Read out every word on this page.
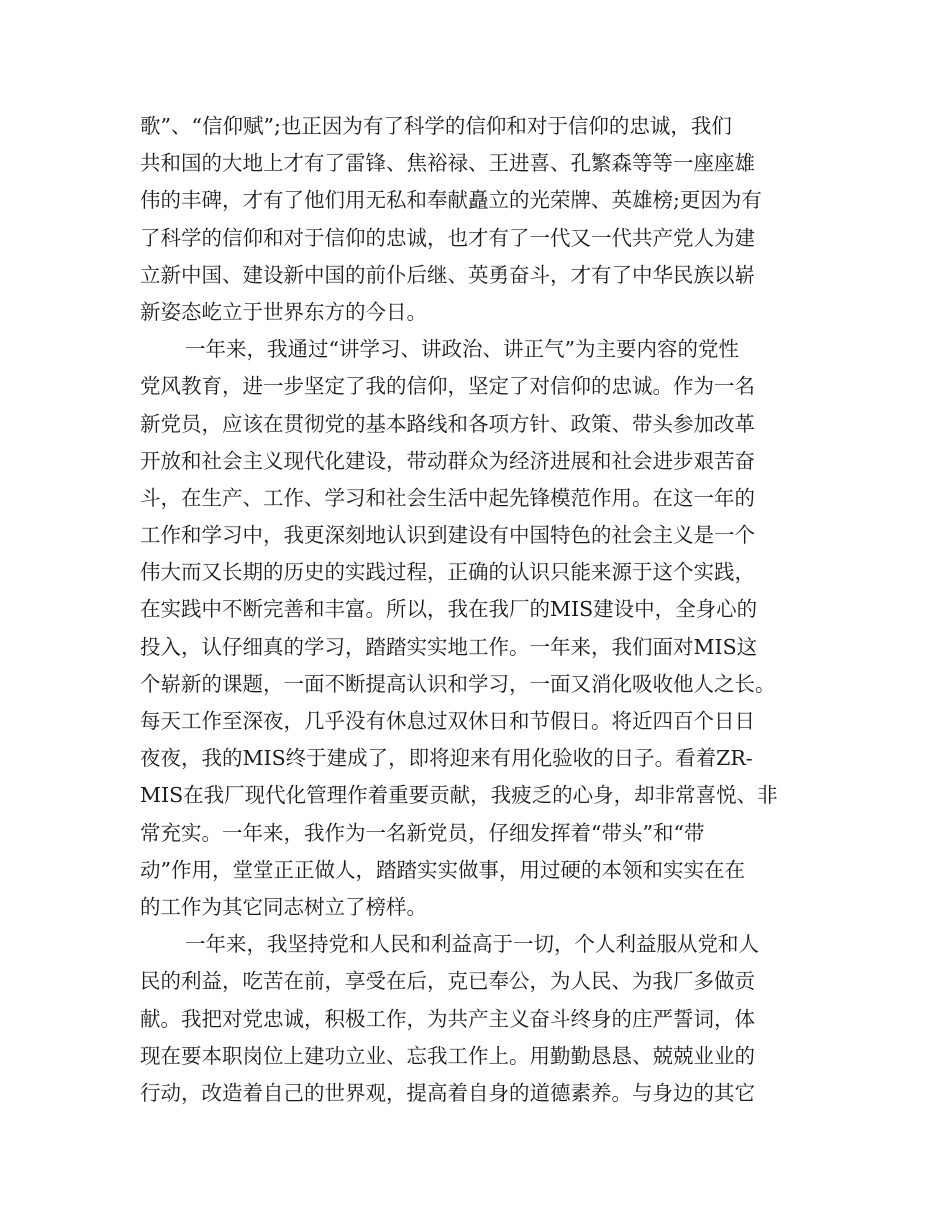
歌”、“信仰赋”;也正因为有了科学的信仰和对于信仰的忠诚，我们
共和国的大地上才有了雷锋、焦裕禄、王进喜、孔繁森等等一座座雄
伟的丰碑，才有了他们用无私和奉献矗立的光荣牌、英雄榜;更因为有
了科学的信仰和对于信仰的忠诚，也才有了一代又一代共产党人为建
立新中国、建设新中国的前仆后继、英勇奋斗，才有了中华民族以崭
新姿态屹立于世界东方的今日。
一年来，我通过“讲学习、讲政治、讲正气”为主要内容的党性
党风教育，进一步坚定了我的信仰，坚定了对信仰的忠诚。作为一名
新党员，应该在贯彻党的基本路线和各项方针、政策、带头参加改革
开放和社会主义现代化建设，带动群众为经济进展和社会进步艰苦奋
斗，在生产、工作、学习和社会生活中起先锋模范作用。在这一年的
工作和学习中，我更深刻地认识到建设有中国特色的社会主义是一个
伟大而又长期的历史的实践过程，正确的认识只能来源于这个实践，
在实践中不断完善和丰富。所以，我在我厂的MIS建设中，全身心的
投入，认仔细真的学习，踏踏实实地工作。一年来，我们面对MIS这
个崭新的课题，一面不断提高认识和学习，一面又消化吸收他人之长。
每天工作至深夜，几乎没有休息过双休日和节假日。将近四百个日日
夜夜，我的MIS终于建成了，即将迎来有用化验收的日子。看着ZR-
MIS在我厂现代化管理作着重要贡献，我疲乏的心身，却非常喜悦、非
常充实。一年来，我作为一名新党员，仔细发挥着“带头”和“带
动”作用，堂堂正正做人，踏踏实实做事，用过硬的本领和实实在在
的工作为其它同志树立了榜样。
一年来，我坚持党和人民和利益高于一切，个人利益服从党和人
民的利益，吃苦在前，享受在后，克已奉公，为人民、为我厂多做贡
献。我把对党忠诚，积极工作，为共产主义奋斗终身的庄严誓词，体
现在要本职岗位上建功立业、忘我工作上。用勤勤恳恳、兢兢业业的
行动，改造着自己的世界观，提高着自身的道德素养。与身边的其它
